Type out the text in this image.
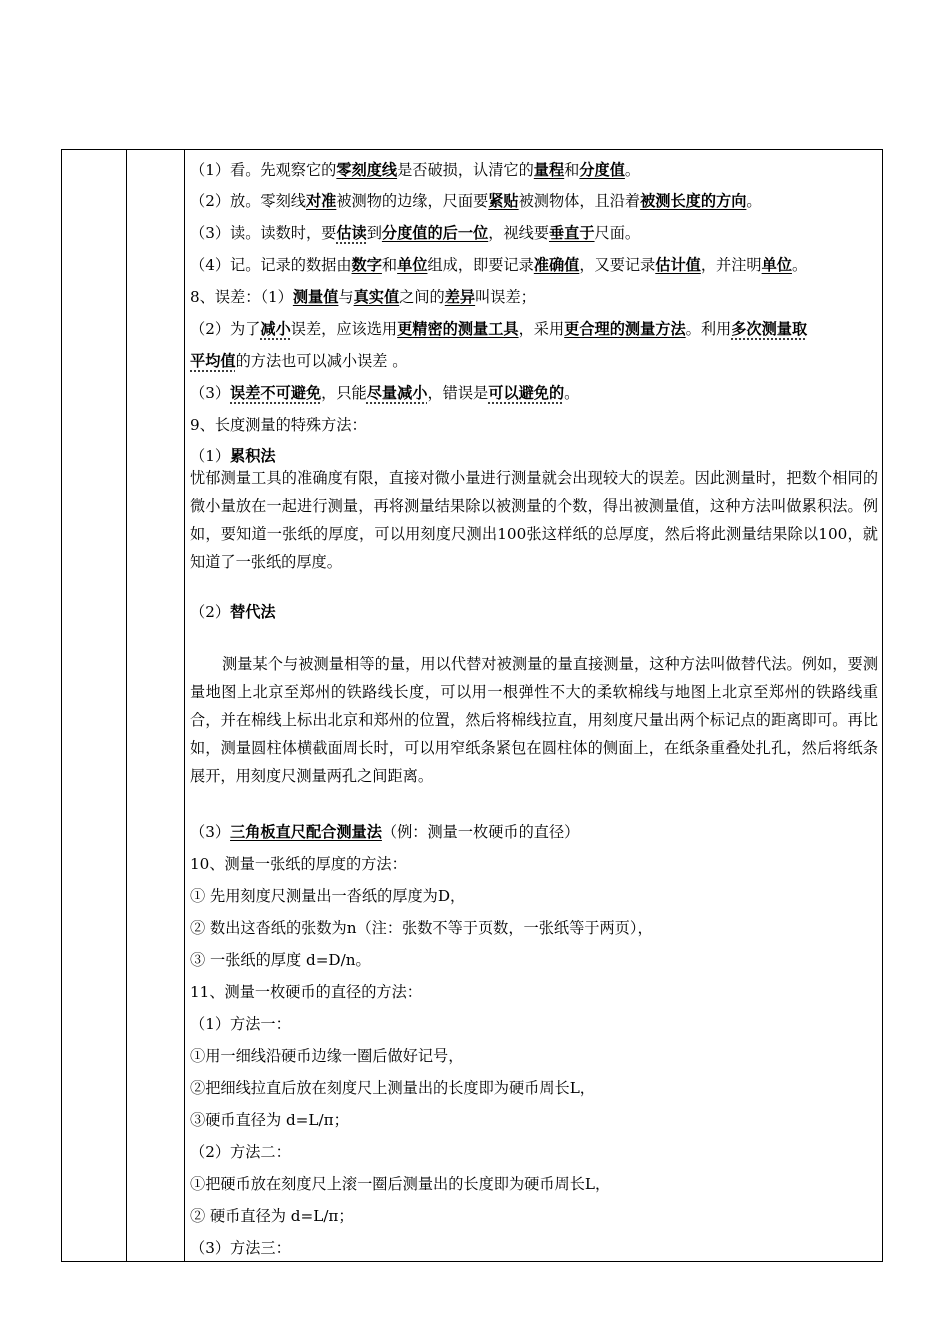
（1）看。先观察它的零刻度线是否破损，认清它的量程和分度值。
（2）放。零刻线对准被测物的边缘，尺面要紧贴被测物体，且沿着被测长度的方向。
（3）读。读数时，要估读到分度值的后一位，视线要垂直于尺面。
（4）记。记录的数据由数字和单位组成，即要记录准确值，又要记录估计值，并注明单位。
8、误差：（1）测量值与真实值之间的差异叫误差；
（2）为了减小误差，应该选用更精密的测量工具，采用更合理的测量方法。利用多次测量取
平均值的方法也可以减小误差 。
（3）误差不可避免，只能尽量减小，错误是可以避免的。
9、长度测量的特殊方法：
（1）累积法
忧郁测量工具的准确度有限，直接对微小量进行测量就会出现较大的误差。因此测量时，把数个相同的微小量放在一起进行测量，再将测量结果除以被测量的个数，得出被测量值，这种方法叫做累积法。例如，要知道一张纸的厚度，可以用刻度尺测出100张这样纸的总厚度，然后将此测量结果除以100，就知道了一张纸的厚度。
（2）替代法
测量某个与被测量相等的量，用以代替对被测量的量直接测量，这种方法叫做替代法。例如，要测量地图上北京至郑州的铁路线长度，可以用一根弹性不大的柔软棉线与地图上北京至郑州的铁路线重合，并在棉线上标出北京和郑州的位置，然后将棉线拉直，用刻度尺量出两个标记点的距离即可。再比如，测量圆柱体横截面周长时，可以用窄纸条紧包在圆柱体的侧面上，在纸条重叠处扎孔，然后将纸条展开，用刻度尺测量两孔之间距离。
（3）三角板直尺配合测量法（例：测量一枚硬币的直径）
10、测量一张纸的厚度的方法：
① 先用刻度尺测量出一沓纸的厚度为D，
② 数出这沓纸的张数为n（注：张数不等于页数，一张纸等于两页），
③ 一张纸的厚度 d=D/n。
11、测量一枚硬币的直径的方法：
（1）方法一：
①用一细线沿硬币边缘一圈后做好记号，
②把细线拉直后放在刻度尺上测量出的长度即为硬币周长L，
③硬币直径为 d=L/π；
（2）方法二：
①把硬币放在刻度尺上滚一圈后测量出的长度即为硬币周长L，
② 硬币直径为 d=L/π；
（3）方法三：
